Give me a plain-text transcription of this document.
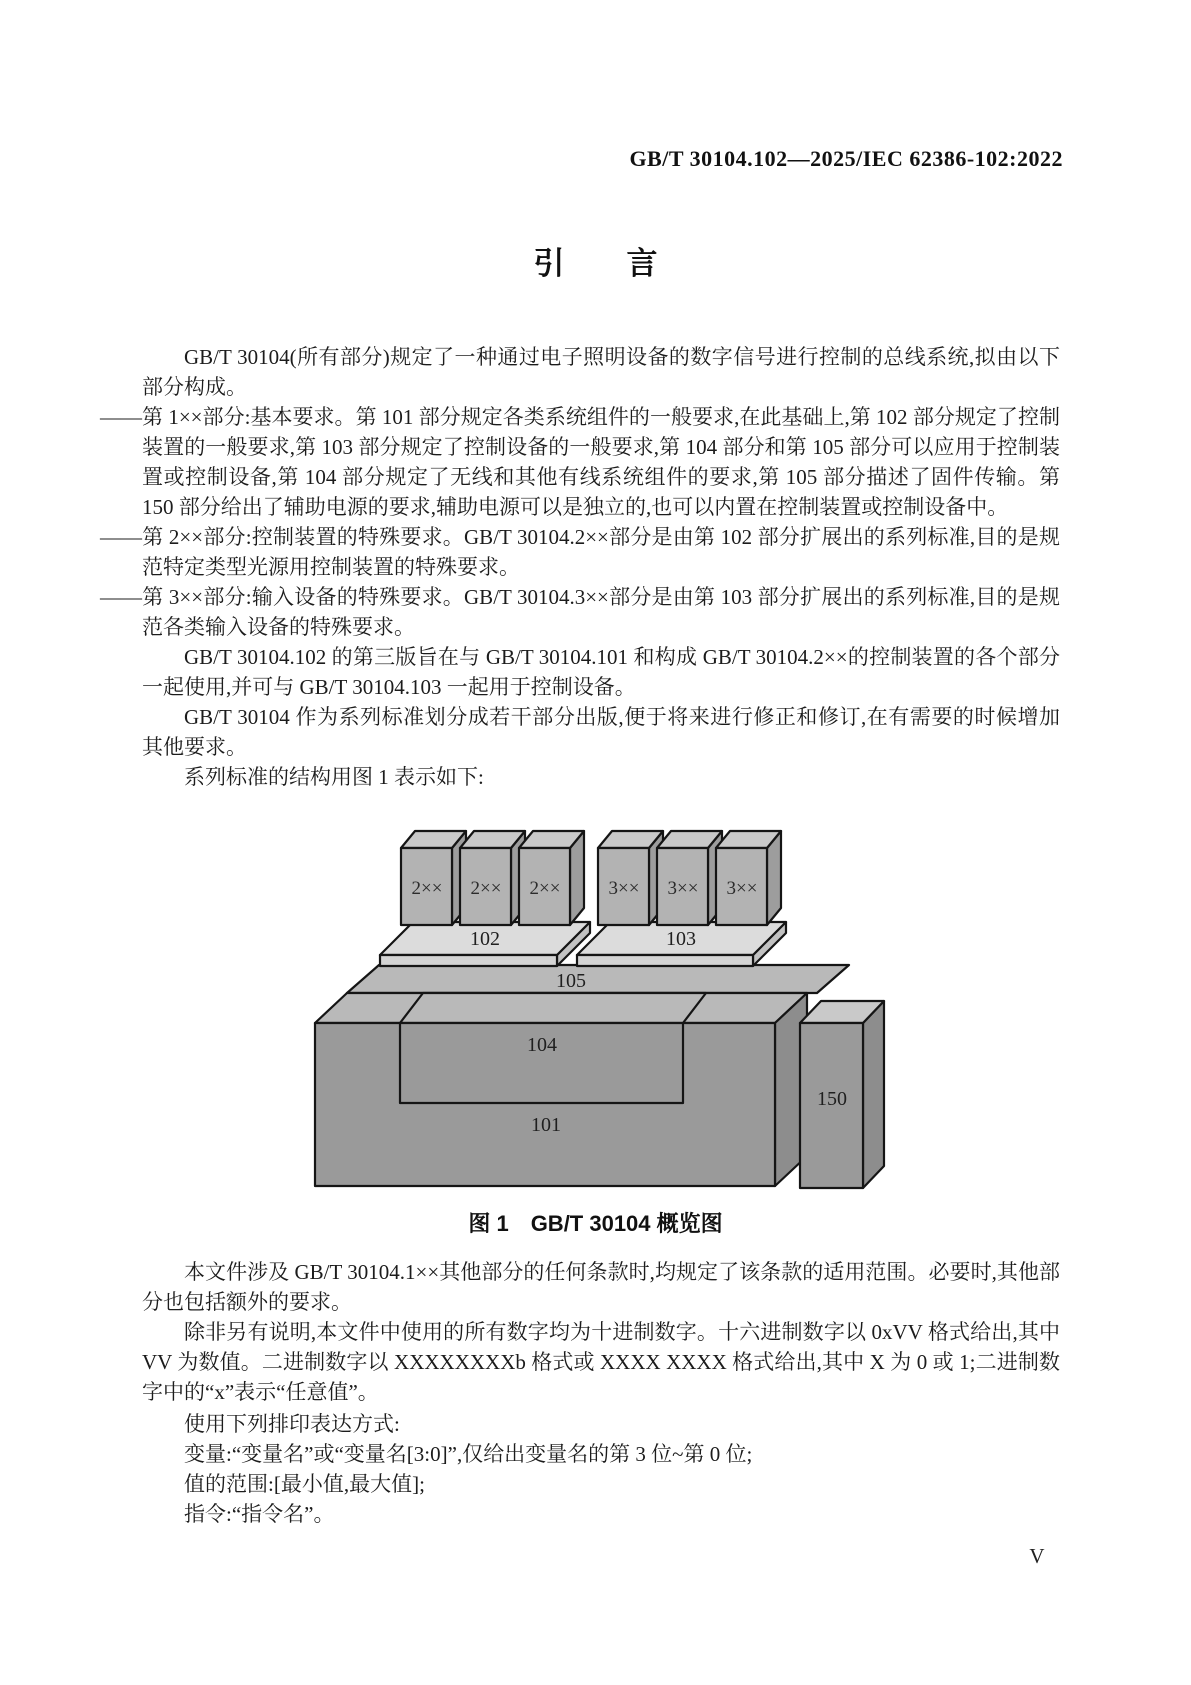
GB/T 30104.102—2025/IEC 62386-102:2022
引　　言

GB/T 30104(所有部分)规定了一种通过电子照明设备的数字信号进行控制的总线系统,拟由以下部分构成。

——第 1××部分:基本要求。第 101 部分规定各类系统组件的一般要求,在此基础上,第 102 部分规定了控制装置的一般要求,第 103 部分规定了控制设备的一般要求,第 104 部分和第 105 部分可以应用于控制装置或控制设备,第 104 部分规定了无线和其他有线系统组件的要求,第 105 部分描述了固件传输。第 150 部分给出了辅助电源的要求,辅助电源可以是独立的,也可以内置在控制装置或控制设备中。

——第 2××部分:控制装置的特殊要求。GB/T 30104.2××部分是由第 102 部分扩展出的系列标准,目的是规范特定类型光源用控制装置的特殊要求。

——第 3××部分:输入设备的特殊要求。GB/T 30104.3××部分是由第 103 部分扩展出的系列标准,目的是规范各类输入设备的特殊要求。

GB/T 30104.102 的第三版旨在与 GB/T 30104.101 和构成 GB/T 30104.2××的控制装置的各个部分一起使用,并可与 GB/T 30104.103 一起用于控制设备。

GB/T 30104 作为系列标准划分成若干部分出版,便于将来进行修正和修订,在有需要的时候增加其他要求。

系列标准的结构用图 1 表示如下:

2×× 2×× 2××	3×× 3×× 3××
102	103
105
104
101
150
图 1　GB/T 30104 概览图

本文件涉及 GB/T 30104.1××其他部分的任何条款时,均规定了该条款的适用范围。必要时,其他部分也包括额外的要求。

除非另有说明,本文件中使用的所有数字均为十进制数字。十六进制数字以 0xVV 格式给出,其中 VV 为数值。二进制数字以 XXXXXXXXb 格式或 XXXX XXXX 格式给出,其中 X 为 0 或 1;二进制数字中的“x”表示“任意值”。

使用下列排印表达方式:

变量:“变量名”或“变量名[3:0]”,仅给出变量名的第 3 位~第 0 位;

值的范围:[最小值,最大值];

指令:“指令名”。

V
